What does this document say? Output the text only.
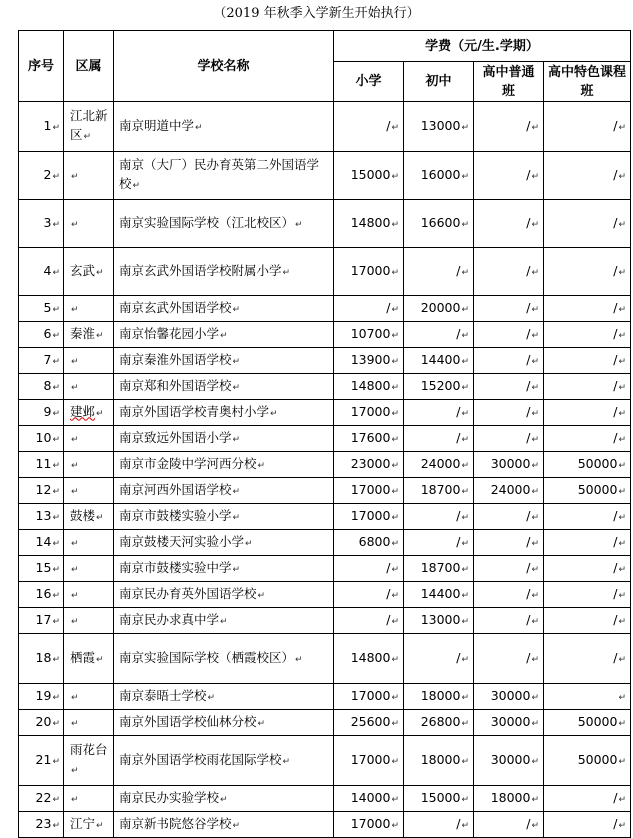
（2019 年秋季入学新生开始执行）
序号	区属	学校名称	学费（元/生.学期）			
			小学	初中	高中普通班	高中特色课程班
1↵	江北新区↵	南京明道中学↵	/↵	13000↵	/↵	/↵
2↵	↵	南京（大厂）民办育英第二外国语学校↵	15000↵	16000↵	/↵	/↵
3↵	↵	南京实验国际学校（江北校区）↵	14800↵	16600↵	/↵	/↵
4↵	玄武↵	南京玄武外国语学校附属小学↵	17000↵	/↵	/↵	/↵
5↵	↵	南京玄武外国语学校↵	/↵	20000↵	/↵	/↵
6↵	秦淮↵	南京怡馨花园小学↵	10700↵	/↵	/↵	/↵
7↵	↵	南京秦淮外国语学校↵	13900↵	14400↵	/↵	/↵
8↵	↵	南京郑和外国语学校↵	14800↵	15200↵	/↵	/↵
9↵	建邺↵	南京外国语学校青奥村小学↵	17000↵	/↵	/↵	/↵
10↵	↵	南京致远外国语小学↵	17600↵	/↵	/↵	/↵
11↵	↵	南京市金陵中学河西分校↵	23000↵	24000↵	30000↵	50000↵
12↵	↵	南京河西外国语学校↵	17000↵	18700↵	24000↵	50000↵
13↵	鼓楼↵	南京市鼓楼实验小学↵	17000↵	/↵	/↵	/↵
14↵	↵	南京鼓楼天河实验小学↵	6800↵	/↵	/↵	/↵
15↵	↵	南京市鼓楼实验中学↵	/↵	18700↵	/↵	/↵
16↵	↵	南京民办育英外国语学校↵	/↵	14400↵	/↵	/↵
17↵	↵	南京民办求真中学↵	/↵	13000↵	/↵	/↵
18↵	栖霞↵	南京实验国际学校（栖霞校区）↵	14800↵	/↵	/↵	/↵
19↵	↵	南京泰晤士学校↵	17000↵	18000↵	30000↵	↵
20↵	↵	南京外国语学校仙林分校↵	25600↵	26800↵	30000↵	50000↵
21↵	雨花台↵	南京外国语学校雨花国际学校↵	17000↵	18000↵	30000↵	50000↵
22↵	↵	南京民办实验学校↵	14000↵	15000↵	18000↵	/↵
23↵	江宁↵	南京新书院悠谷学校↵	17000↵	/↵	/↵	/↵
